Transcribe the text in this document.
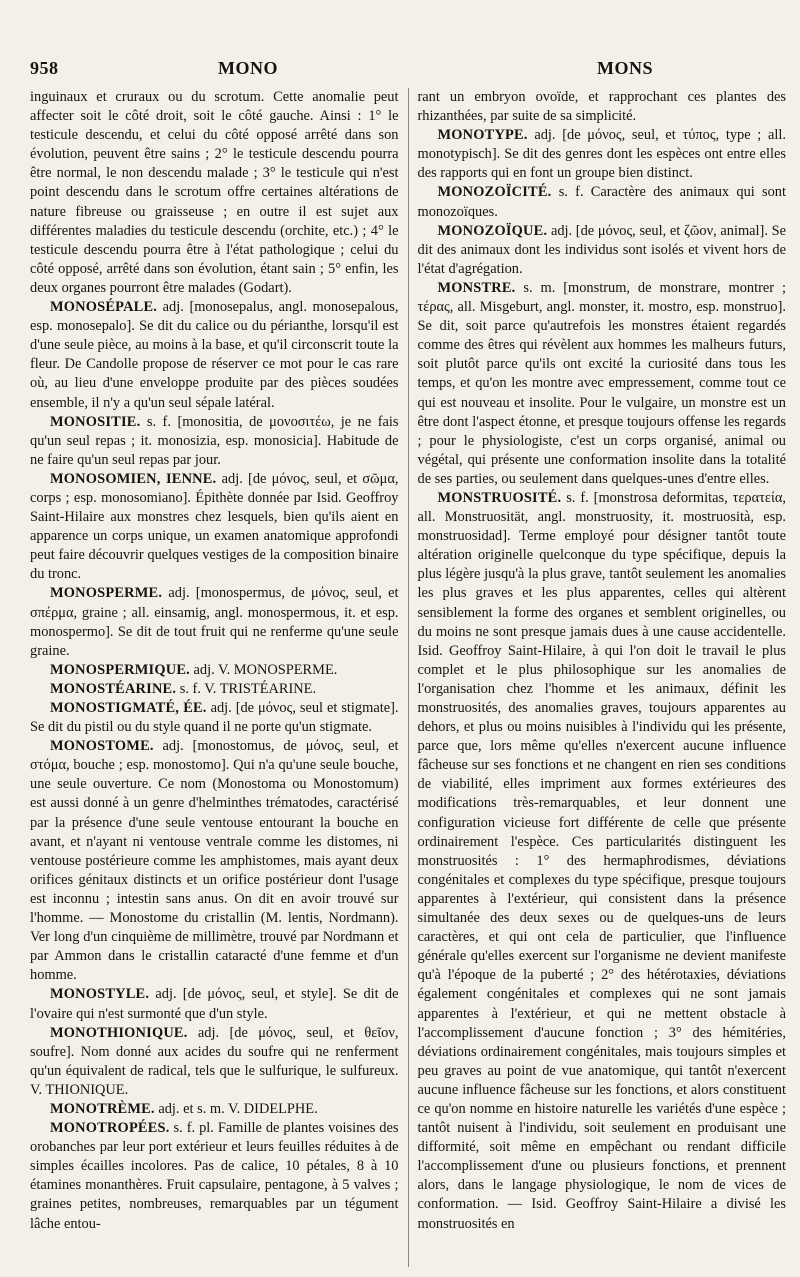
958	MONO	MONS

inguinaux et cruraux ou du scrotum. Cette anomalie peut affecter soit le côté droit, soit le côté gauche. Ainsi : 1° le testicule descendu, et celui du côté opposé arrêté dans son évolution, peuvent être sains ; 2° le testicule descendu pourra être normal, le non descendu malade ; 3° le testicule qui n'est point descendu dans le scrotum offre certaines altérations de nature fibreuse ou graisseuse ; en outre il est sujet aux différentes maladies du testicule descendu (orchite, etc.) ; 4° le testicule descendu pourra être à l'état pathologique ; celui du côté opposé, arrêté dans son évolution, étant sain ; 5° enfin, les deux organes pourront être malades (Godart).

MONOSÉPALE. adj. [monosepalus, angl. monosepalous, esp. monosepalo]. Se dit du calice ou du périanthe, lorsqu'il est d'une seule pièce, au moins à la base, et qu'il circonscrit toute la fleur. De Candolle propose de réserver ce mot pour le cas rare où, au lieu d'une enveloppe produite par des pièces soudées ensemble, il n'y a qu'un seul sépale latéral.

MONOSITIE. s. f. [monositia, de μονοσιτέω, je ne fais qu'un seul repas ; it. monosizia, esp. monosicia]. Habitude de ne faire qu'un seul repas par jour.

MONOSOMIEN, IENNE. adj. [de μόνος, seul, et σῶμα, corps ; esp. monosomiano]. Épithète donnée par Isid. Geoffroy Saint-Hilaire aux monstres chez lesquels, bien qu'ils aient en apparence un corps unique, un examen anatomique approfondi peut faire découvrir quelques vestiges de la composition binaire du tronc.

MONOSPERME. adj. [monospermus, de μόνος, seul, et σπέρμα, graine ; all. einsamig, angl. monospermous, it. et esp. monospermo]. Se dit de tout fruit qui ne renferme qu'une seule graine.

MONOSPERMIQUE. adj. V. MONOSPERME.

MONOSTÉARINE. s. f. V. TRISTÉARINE.

MONOSTIGMATÉ, ÉE. adj. [de μόνος, seul et stigmate]. Se dit du pistil ou du style quand il ne porte qu'un stigmate.

MONOSTOME. adj. [monostomus, de μόνος, seul, et στόμα, bouche ; esp. monostomo]. Qui n'a qu'une seule bouche, une seule ouverture. Ce nom (Monostoma ou Monostomum) est aussi donné à un genre d'helminthes trématodes, caractérisé par la présence d'une seule ventouse entourant la bouche en avant, et n'ayant ni ventouse ventrale comme les distomes, ni ventouse postérieure comme les amphistomes, mais ayant deux orifices génitaux distincts et un orifice postérieur dont l'usage est inconnu ; intestin sans anus. On dit en avoir trouvé sur l'homme. — Monostome du cristallin (M. lentis, Nordmann). Ver long d'un cinquième de millimètre, trouvé par Nordmann et par Ammon dans le cristallin cataracté d'une femme et d'un homme.

MONOSTYLE. adj. [de μόνος, seul, et style]. Se dit de l'ovaire qui n'est surmonté que d'un style.

MONOTHIONIQUE. adj. [de μόνος, seul, et θεῖον, soufre]. Nom donné aux acides du soufre qui ne renferment qu'un équivalent de radical, tels que le sulfurique, le sulfureux. V. THIONIQUE.

MONOTRÈME. adj. et s. m. V. DIDELPHE.

MONOTROPÉES. s. f. pl. Famille de plantes voisines des orobanches par leur port extérieur et leurs feuilles réduites à de simples écailles incolores. Pas de calice, 10 pétales, 8 à 10 étamines monanthères. Fruit capsulaire, pentagone, à 5 valves ; graines petites, nombreuses, remarquables par un tégument lâche entou-

rant un embryon ovoïde, et rapprochant ces plantes des rhizanthées, par suite de sa simplicité.

MONOTYPE. adj. [de μόνος, seul, et τύπος, type ; all. monotypisch]. Se dit des genres dont les espèces ont entre elles des rapports qui en font un groupe bien distinct.

MONOZOÏCITÉ. s. f. Caractère des animaux qui sont monozoïques.

MONOZOÏQUE. adj. [de μόνος, seul, et ζῶον, animal]. Se dit des animaux dont les individus sont isolés et vivent hors de l'état d'agrégation.

MONSTRE. s. m. [monstrum, de monstrare, montrer ; τέρας, all. Misgeburt, angl. monster, it. mostro, esp. monstruo]. Se dit, soit parce qu'autrefois les monstres étaient regardés comme des êtres qui révèlent aux hommes les malheurs futurs, soit plutôt parce qu'ils ont excité la curiosité dans tous les temps, et qu'on les montre avec empressement, comme tout ce qui est nouveau et insolite. Pour le vulgaire, un monstre est un être dont l'aspect étonne, et presque toujours offense les regards ; pour le physiologiste, c'est un corps organisé, animal ou végétal, qui présente une conformation insolite dans la totalité de ses parties, ou seulement dans quelques-unes d'entre elles.

MONSTRUOSITÉ. s. f. [monstrosa deformitas, τερατεία, all. Monstruosität, angl. monstruosity, it. mostruosità, esp. monstruosidad]. Terme employé pour désigner tantôt toute altération originelle quelconque du type spécifique, depuis la plus légère jusqu'à la plus grave, tantôt seulement les anomalies les plus graves et les plus apparentes, celles qui altèrent sensiblement la forme des organes et semblent originelles, ou du moins ne sont presque jamais dues à une cause accidentelle. Isid. Geoffroy Saint-Hilaire, à qui l'on doit le travail le plus complet et le plus philosophique sur les anomalies de l'organisation chez l'homme et les animaux, définit les monstruosités, des anomalies graves, toujours apparentes au dehors, et plus ou moins nuisibles à l'individu qui les présente, parce que, lors même qu'elles n'exercent aucune influence fâcheuse sur ses fonctions et ne changent en rien ses conditions de viabilité, elles impriment aux formes extérieures des modifications très-remarquables, et leur donnent une configuration vicieuse fort différente de celle que présente ordinairement l'espèce. Ces particularités distinguent les monstruosités : 1° des hermaphrodismes, déviations congénitales et complexes du type spécifique, presque toujours apparentes à l'extérieur, qui consistent dans la présence simultanée des deux sexes ou de quelques-uns de leurs caractères, et qui ont cela de particulier, que l'influence générale qu'elles exercent sur l'organisme ne devient manifeste qu'à l'époque de la puberté ; 2° des hétérotaxies, déviations également congénitales et complexes qui ne sont jamais apparentes à l'extérieur, et qui ne mettent obstacle à l'accomplissement d'aucune fonction ; 3° des hémitéries, déviations ordinairement congénitales, mais toujours simples et peu graves au point de vue anatomique, qui tantôt n'exercent aucune influence fâcheuse sur les fonctions, et alors constituent ce qu'on nomme en histoire naturelle les variétés d'une espèce ; tantôt nuisent à l'individu, soit seulement en produisant une difformité, soit même en empêchant ou rendant difficile l'accomplissement d'une ou plusieurs fonctions, et prennent alors, dans le langage physiologique, le nom de vices de conformation. — Isid. Geoffroy Saint-Hilaire a divisé les monstruosités en
